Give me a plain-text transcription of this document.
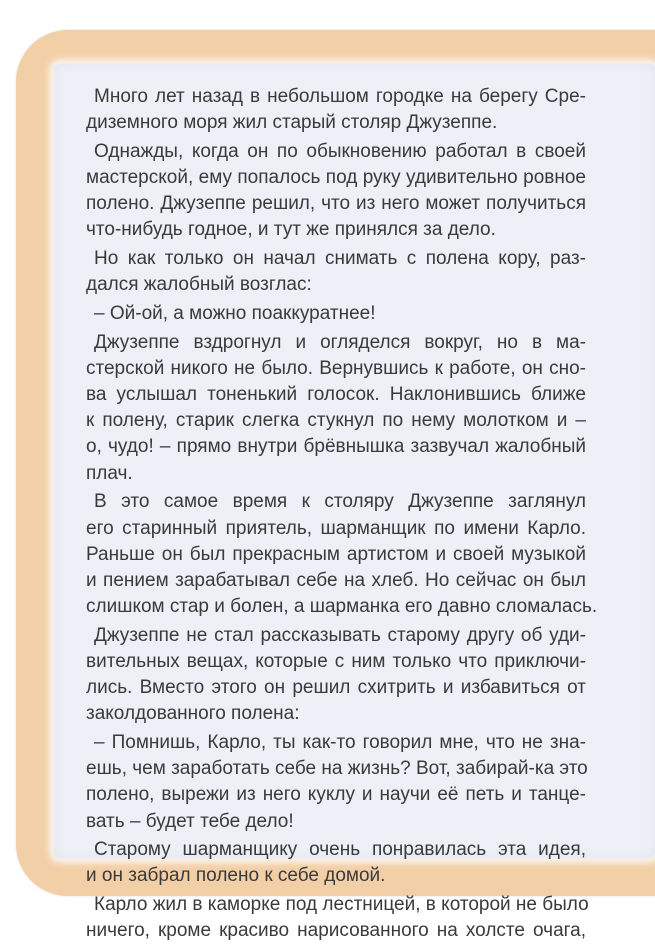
Много лет назад в небольшом городке на берегу Сре-
диземного моря жил старый столяр Джузеппе.
Однажды, когда он по обыкновению работал в своей
мастерской, ему попалось под руку удивительно ровное
полено. Джузеппе решил, что из него может получиться
что-нибудь годное, и тут же принялся за дело.
Но как только он начал снимать с полена кору, раз-
дался жалобный возглас:
– Ой-ой, а можно поаккуратнее!
Джузеппе вздрогнул и огляделся вокруг, но в ма-
стерской никого не было. Вернувшись к работе, он сно-
ва услышал тоненький голосок. Наклонившись ближе
к полену, старик слегка стукнул по нему молотком и –
о, чудо! – прямо внутри брёвнышка зазвучал жалобный
плач.
В это самое время к столяру Джузеппе заглянул
его старинный приятель, шарманщик по имени Карло.
Раньше он был прекрасным артистом и своей музыкой
и пением зарабатывал себе на хлеб. Но сейчас он был
слишком стар и болен, а шарманка его давно сломалась.
Джузеппе не стал рассказывать старому другу об уди-
вительных вещах, которые с ним только что приключи-
лись. Вместо этого он решил схитрить и избавиться от
заколдованного полена:
– Помнишь, Карло, ты как-то говорил мне, что не зна-
ешь, чем заработать себе на жизнь? Вот, забирай-ка это
полено, вырежи из него куклу и научи её петь и танце-
вать – будет тебе дело!
Старому шарманщику очень понравилась эта идея,
и он забрал полено к себе домой.
Карло жил в каморке под лестницей, в которой не было
ничего, кроме красиво нарисованного на холсте очага,
